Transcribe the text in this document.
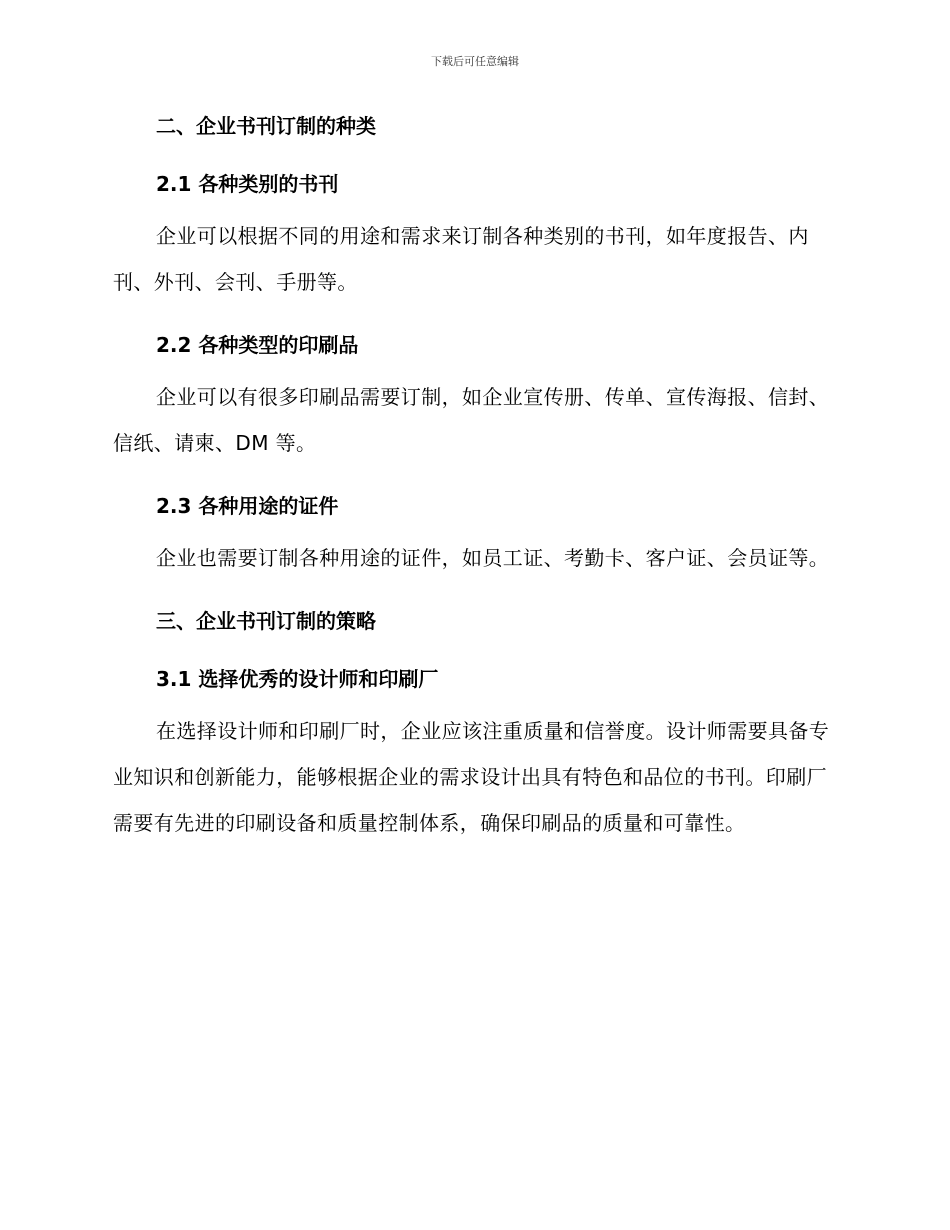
下载后可任意编辑
二、企业书刊订制的种类
2.1 各种类别的书刊

企业可以根据不同的用途和需求来订制各种类别的书刊，如年度报告、内刊、外刊、会刊、手册等。

2.2 各种类型的印刷品

企业可以有很多印刷品需要订制，如企业宣传册、传单、宣传海报、信封、信纸、请柬、DM 等。

2.3 各种用途的证件

企业也需要订制各种用途的证件，如员工证、考勤卡、客户证、会员证等。

三、企业书刊订制的策略
3.1 选择优秀的设计师和印刷厂

在选择设计师和印刷厂时，企业应该注重质量和信誉度。设计师需要具备专业知识和创新能力，能够根据企业的需求设计出具有特色和品位的书刊。印刷厂需要有先进的印刷设备和质量控制体系，确保印刷品的质量和可靠性。
